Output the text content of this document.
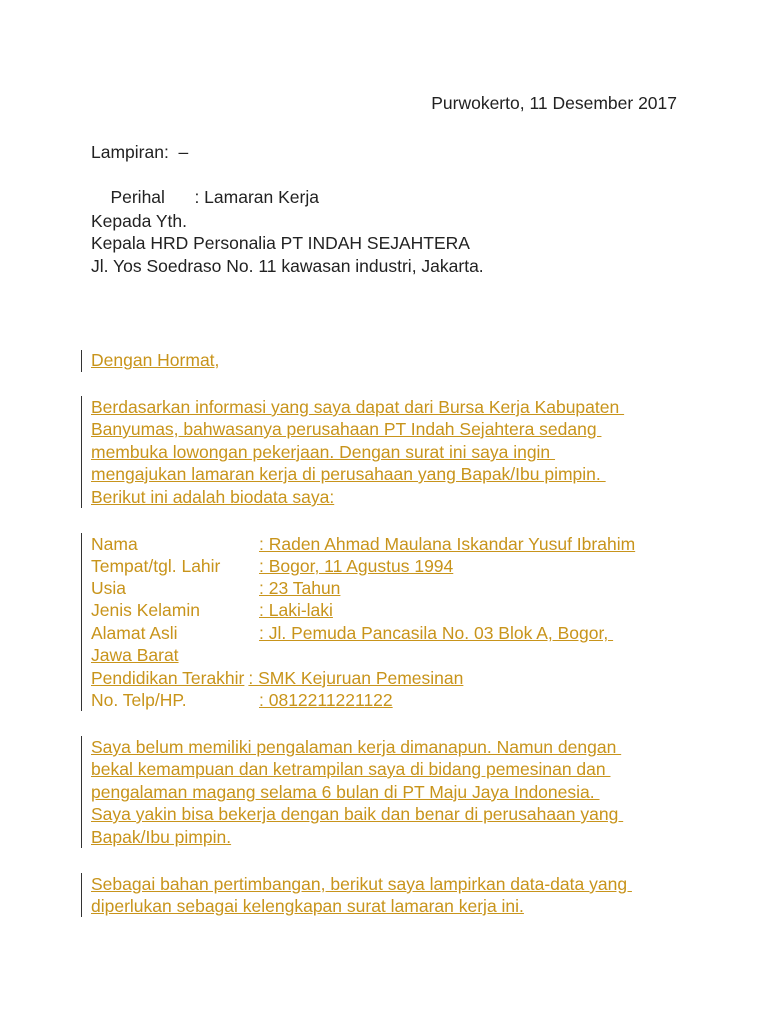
Purwokerto, 11 Desember 2017
Lampiran:  –

Perihal : Lamaran Kerja

Kepada Yth.
Kepala HRD Personalia PT INDAH SEJAHTERA
Jl. Yos Soedraso No. 11 kawasan industri, Jakarta.
Dengan Hormat,
Berdasarkan informasi yang saya dapat dari Bursa Kerja Kabupaten
Banyumas, bahwasanya perusahaan PT Indah Sejahtera sedang
membuka lowongan pekerjaan. Dengan surat ini saya ingin
mengajukan lamaran kerja di perusahaan yang Bapak/Ibu pimpin.
Berikut ini adalah biodata saya:
Nama	: Raden Ahmad Maulana Iskandar Yusuf Ibrahim
Tempat/tgl. Lahir : Bogor, 11 Agustus 1994
Usia	: 23 Tahun
Jenis Kelamin	: Laki-laki
Alamat Asli	: Jl. Pemuda Pancasila No. 03 Blok A, Bogor,
Jawa Barat
Pendidikan Terakhir : SMK Kejuruan Pemesinan
No. Telp/HP.	: 0812211221122
Saya belum memiliki pengalaman kerja dimanapun. Namun dengan
bekal kemampuan dan ketrampilan saya di bidang pemesinan dan
pengalaman magang selama 6 bulan di PT Maju Jaya Indonesia.
Saya yakin bisa bekerja dengan baik dan benar di perusahaan yang
Bapak/Ibu pimpin.
Sebagai bahan pertimbangan, berikut saya lampirkan data-data yang
diperlukan sebagai kelengkapan surat lamaran kerja ini.
